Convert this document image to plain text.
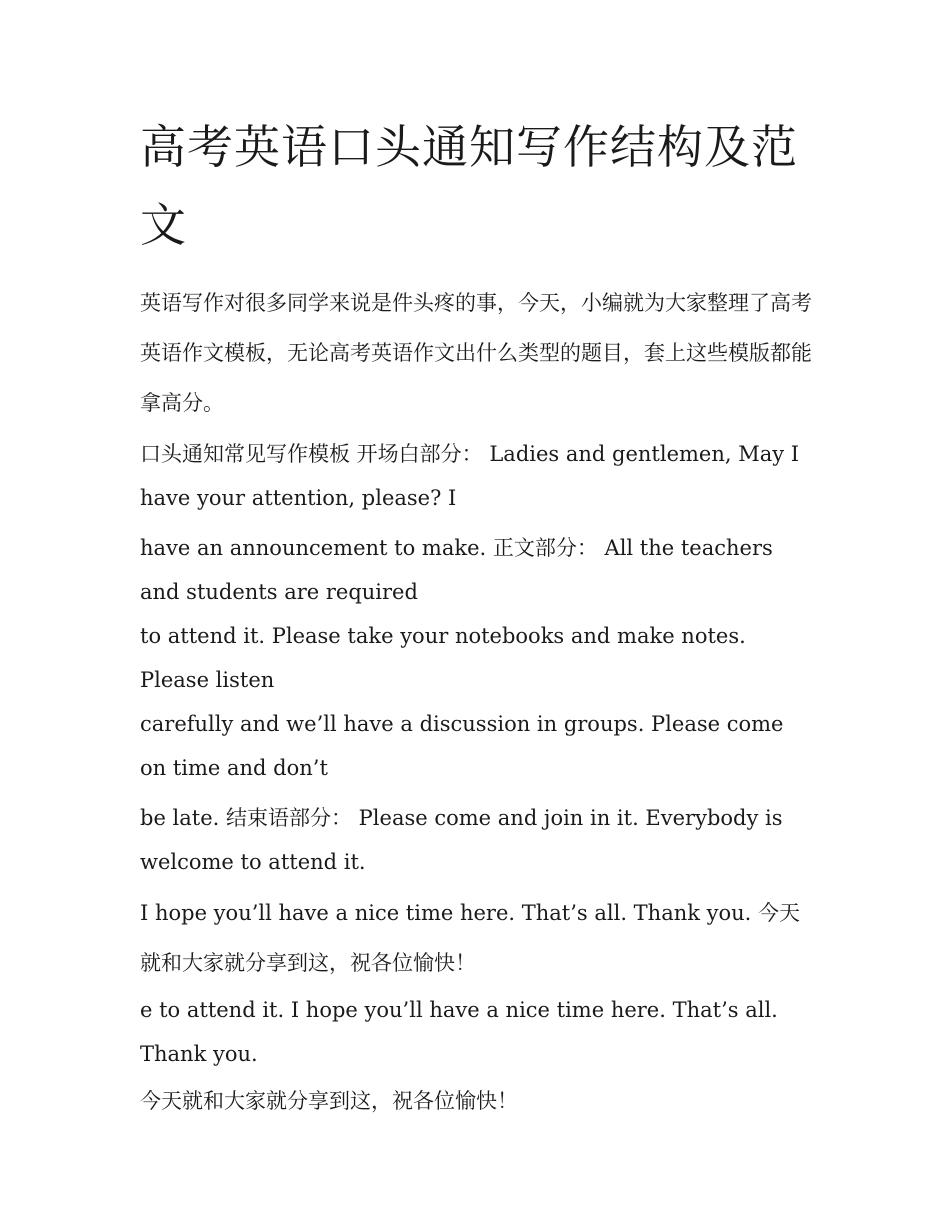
高考英语口头通知写作结构及范文

英语写作对很多同学来说是件头疼的事，今天，小编就为大家整理了高考英语作文模板，无论高考英语作文出什么类型的题目，套上这些模版都能拿高分。

口头通知常见写作模板 开场白部分： Ladies and gentlemen, May I have your attention, please? I

have an announcement to make. 正文部分： All the teachers and students are required

to attend it. Please take your notebooks and make notes. Please listen

carefully and we’ll have a discussion in groups. Please come on time and don’t

be late. 结束语部分： Please come and join in it. Everybody is welcome to attend it.

I hope you’ll have a nice time here. That’s all. Thank you. 今天就和大家就分享到这，祝各位愉快！

e to attend it. I hope you’ll have a nice time here. That’s all. Thank you.

今天就和大家就分享到这，祝各位愉快！
